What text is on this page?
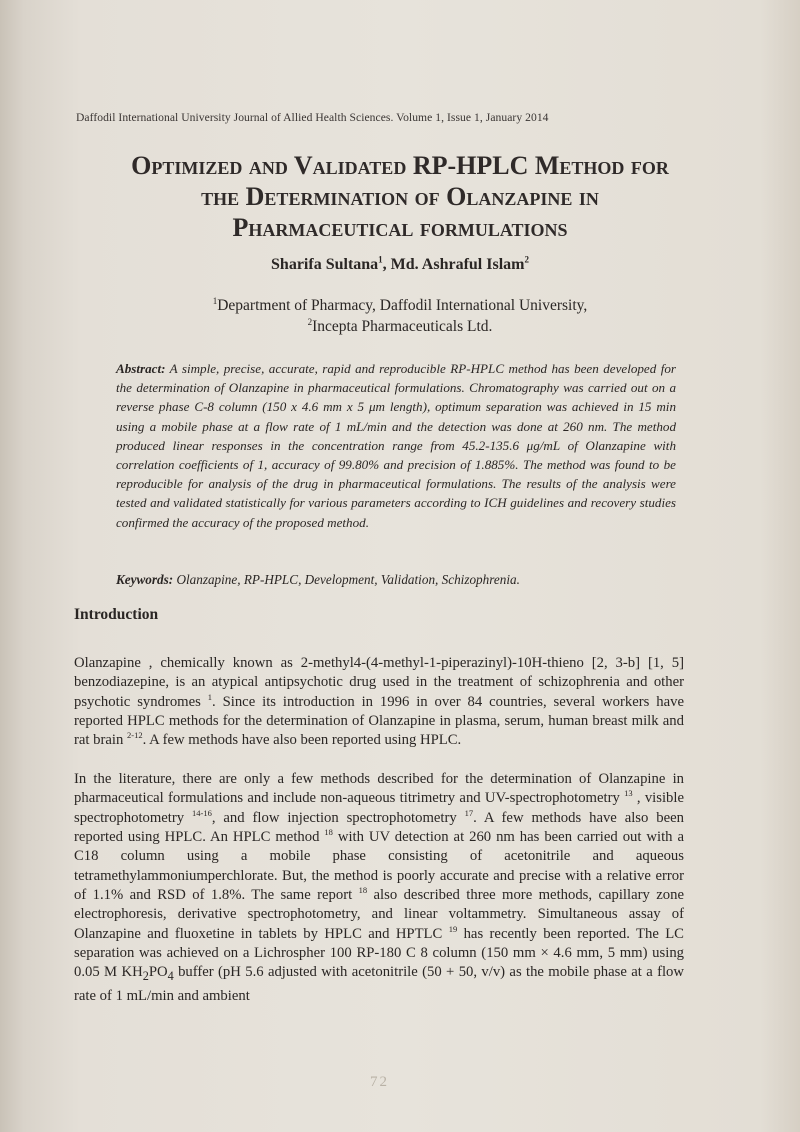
Daffodil International University Journal of Allied Health Sciences. Volume 1, Issue 1, January 2014
Optimized and Validated RP-HPLC Method for
the Determination of Olanzapine in
Pharmaceutical formulations
Sharifa Sultana$^1$, Md. Ashraful Islam$^2$
$^1$Department of Pharmacy, Daffodil International University,
$^2$Incepta Pharmaceuticals Ltd.
Abstract: A simple, precise, accurate, rapid and reproducible RP-HPLC method has been developed for the determination of Olanzapine in pharmaceutical formulations. Chromatography was carried out on a reverse phase C-8 column (150 x 4.6 mm x 5 μm length), optimum separation was achieved in 15 min using a mobile phase at a flow rate of 1 mL/min and the detection was done at 260 nm. The method produced linear responses in the concentration range from 45.2-135.6 μg/mL of Olanzapine with correlation coefficients of 1, accuracy of 99.80% and precision of 1.885%. The method was found to be reproducible for analysis of the drug in pharmaceutical formulations. The results of the analysis were tested and validated statistically for various parameters according to ICH guidelines and recovery studies confirmed the accuracy of the proposed method.
Keywords: Olanzapine, RP-HPLC, Development, Validation, Schizophrenia.
Introduction

Olanzapine , chemically known as 2-methyl4-(4-methyl-1-piperazinyl)-10H-thieno [2, 3-b] [1, 5] benzodiazepine, is an atypical antipsychotic drug used in the treatment of schizophrenia and other psychotic syndromes $^1$. Since its introduction in 1996 in over 84 countries, several workers have reported HPLC methods for the determination of Olanzapine in plasma, serum, human breast milk and rat brain $^{2-12}$. A few methods have also been reported using HPLC.

In the literature, there are only a few methods described for the determination of Olanzapine in pharmaceutical formulations and include non-aqueous titrimetry and UV-spectrophotometry $^{13}$ , visible spectrophotometry $^{14-16}$, and flow injection spectrophotometry $^{17}$. A few methods have also been reported using HPLC. An HPLC method $^{18}$ with UV detection at 260 nm has been carried out with a C18 column using a mobile phase consisting of acetonitrile and aqueous tetramethylammoniumperchlorate. But, the method is poorly accurate and precise with a relative error of 1.1% and RSD of 1.8%. The same report $^{18}$ also described three more methods, capillary zone electrophoresis, derivative spectrophotometry, and linear voltammetry. Simultaneous assay of Olanzapine and fluoxetine in tablets by HPLC and HPTLC $^{19}$ has recently been reported. The LC separation was achieved on a Lichrospher 100 RP-180 C 8 column (150 mm × 4.6 mm, 5 mm) using 0.05 M $KH_2PO_4$ buffer (pH 5.6 adjusted with acetonitrile (50 + 50, v/v) as the mobile phase at a flow rate of 1 mL/min and ambient

72
